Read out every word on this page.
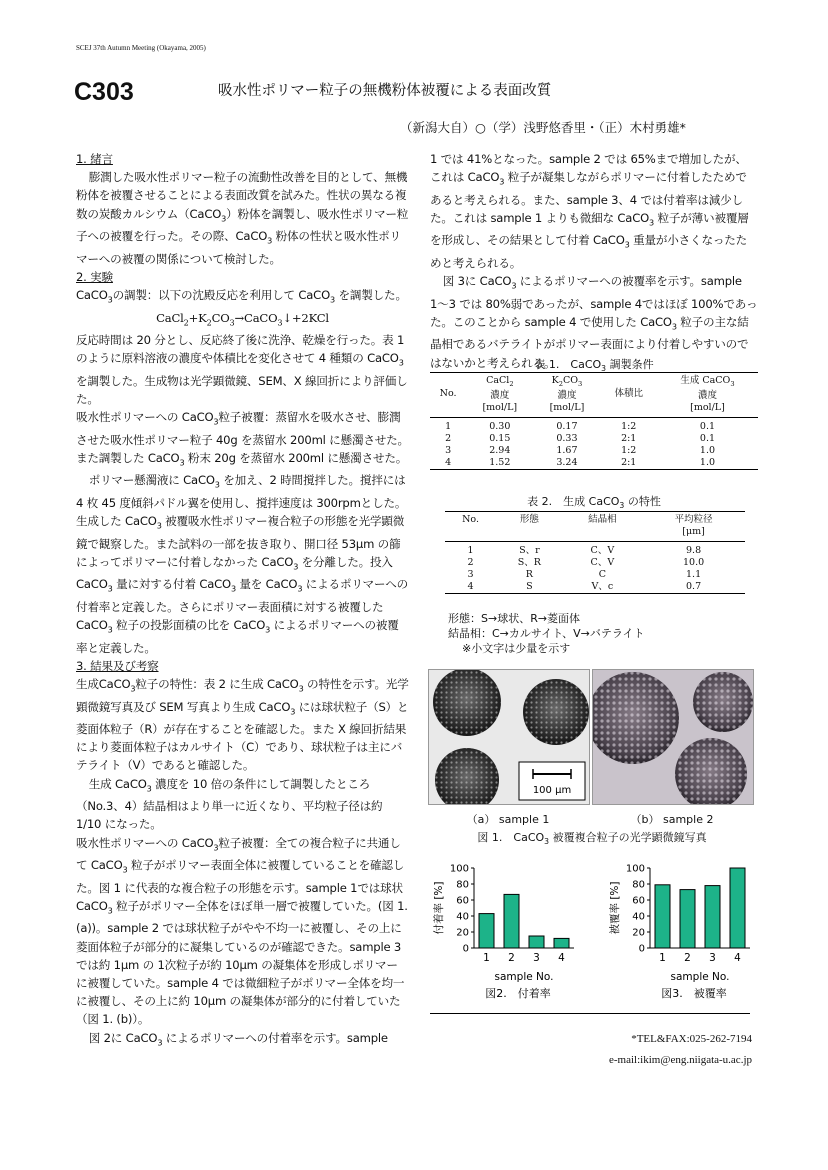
SCEJ 37th Autumn Meeting (Okayama, 2005)
C303	吸水性ポリマー粒子の無機粉体被覆による表面改質
（新潟大自）○（学）浅野悠香里・（正）木村勇雄*

1. 緒言

膨潤した吸水性ポリマー粒子の流動性改善を目的として、無機粉体を被覆させることによる表面改質を試みた。性状の異なる複数の炭酸カルシウム（CaCO$_3$）粉体を調製し、吸水性ポリマー粒子への被覆を行った。その際、CaCO$_3$ 粉体の性状と吸水性ポリマーへの被覆の関係について検討した。

2. 実験

CaCO$_3$の調製：以下の沈殿反応を利用して CaCO$_3$ を調製した。

$CaCl_2+K_2CO_3\to CaCO_3↓+2KCl$

反応時間は 20 分とし、反応終了後に洗浄、乾燥を行った。表 1 のように原料溶液の濃度や体積比を変化させて 4 種類の CaCO$_3$ を調製した。生成物は光学顕微鏡、SEM、X 線回折により評価した。

吸水性ポリマーへの CaCO$_3$粒子被覆：蒸留水を吸水させ、膨潤させた吸水性ポリマー粒子 40g を蒸留水 200ml に懸濁させた。また調製した CaCO$_3$ 粉末 20g を蒸留水 200ml に懸濁させた。

ポリマー懸濁液に CaCO$_3$ を加え、2 時間撹拌した。撹拌には 4 枚 45 度傾斜パドル翼を使用し、撹拌速度は 300rpmとした。生成した CaCO$_3$ 被覆吸水性ポリマー複合粒子の形態を光学顕微鏡で観察した。また試料の一部を抜き取り、開口径 53μm の篩によってポリマーに付着しなかった CaCO$_3$ を分離した。投入 CaCO$_3$ 量に対する付着 CaCO$_3$ 量を CaCO$_3$ によるポリマーへの付着率と定義した。さらにポリマー表面積に対する被覆した CaCO$_3$ 粒子の投影面積の比を CaCO$_3$ によるポリマーへの被覆率と定義した。

3. 結果及び考察

生成CaCO$_3$粒子の特性：表 2 に生成 CaCO$_3$ の特性を示す。光学顕微鏡写真及び SEM 写真より生成 CaCO$_3$ には球状粒子（S）と菱面体粒子（R）が存在することを確認した。また X 線回折結果により菱面体粒子はカルサイト（C）であり、球状粒子は主にバテライト（V）であると確認した。

生成 CaCO$_3$ 濃度を 10 倍の条件にして調製したところ（No.3、4）結晶相はより単一に近くなり、平均粒子径は約 1/10 になった。

吸水性ポリマーへの CaCO$_3$粒子被覆：全ての複合粒子に共通して CaCO$_3$ 粒子がポリマー表面全体に被覆していることを確認した。図 1 に代表的な複合粒子の形態を示す。sample 1では球状 CaCO$_3$ 粒子がポリマー全体をほぼ単一層で被覆していた。(図 1. (a))。sample 2 では球状粒子がやや不均一に被覆し、その上に菱面体粒子が部分的に凝集しているのが確認できた。sample 3 では約 1μm の 1次粒子が約 10μm の凝集体を形成しポリマーに被覆していた。sample 4 では微細粒子がポリマー全体を均一に被覆し、その上に約 10μm の凝集体が部分的に付着していた（図 1. (b)）。

図 2に CaCO$_3$ によるポリマーへの付着率を示す。sample

1 では 41%となった。sample 2 では 65%まで増加したが、これは CaCO$_3$ 粒子が凝集しながらポリマーに付着したためであると考えられる。また、sample 3、4 では付着率は減少した。これは sample 1 よりも微細な CaCO$_3$ 粒子が薄い被覆層を形成し、その結果として付着 CaCO$_3$ 重量が小さくなったためと考えられる。

図 3に CaCO$_3$ によるポリマーへの被覆率を示す。sample 1〜3 では 80%弱であったが、sample 4ではほぼ 100%であった。このことから sample 4 で使用した CaCO$_3$ 粒子の主な結晶相であるバテライトがポリマー表面により付着しやすいのではないかと考えられる。

表 1.　CaCO$_3$ 調製条件
No.	CaCl$_2$
濃度
[mol/L]	$K_2CO_3$
濃度
[mol/L]	体積比	生成 CaCO$_3$
濃度
[mol/L]
1	0.30	0.17	1:2	0.1
2	0.15	0.33	2:1	0.1
3	2.94	1.67	1:2	1.0
4	1.52	3.24	2:1	1.0
表 2.　生成 CaCO$_3$ の特性
No.	形態	結晶相	平均粒径
[μm]
1	S、r	C、V	9.8
2	S、R	C、V	10.0
3	R	C	1.1
4	S	V、c	0.7
形態：S→球状、R→菱面体
結晶相：C→カルサイト、V→バテライト
※小文字は少量を示す
100 μm
（a） sample 1	（b） sample 2
図 1.　CaCO$_3$ 被覆複合粒子の光学顕微鏡写真
0
20
40
60
80
100
1 2 3 4
付着率 [%]
sample No.
図2.　付着率
0
20
40
60
80
100
1 2 3 4
被覆率 [%]
sample No.
図3.　被覆率
*TEL&FAX:025-262-7194
e-mail:ikim@eng.niigata-u.ac.jp
